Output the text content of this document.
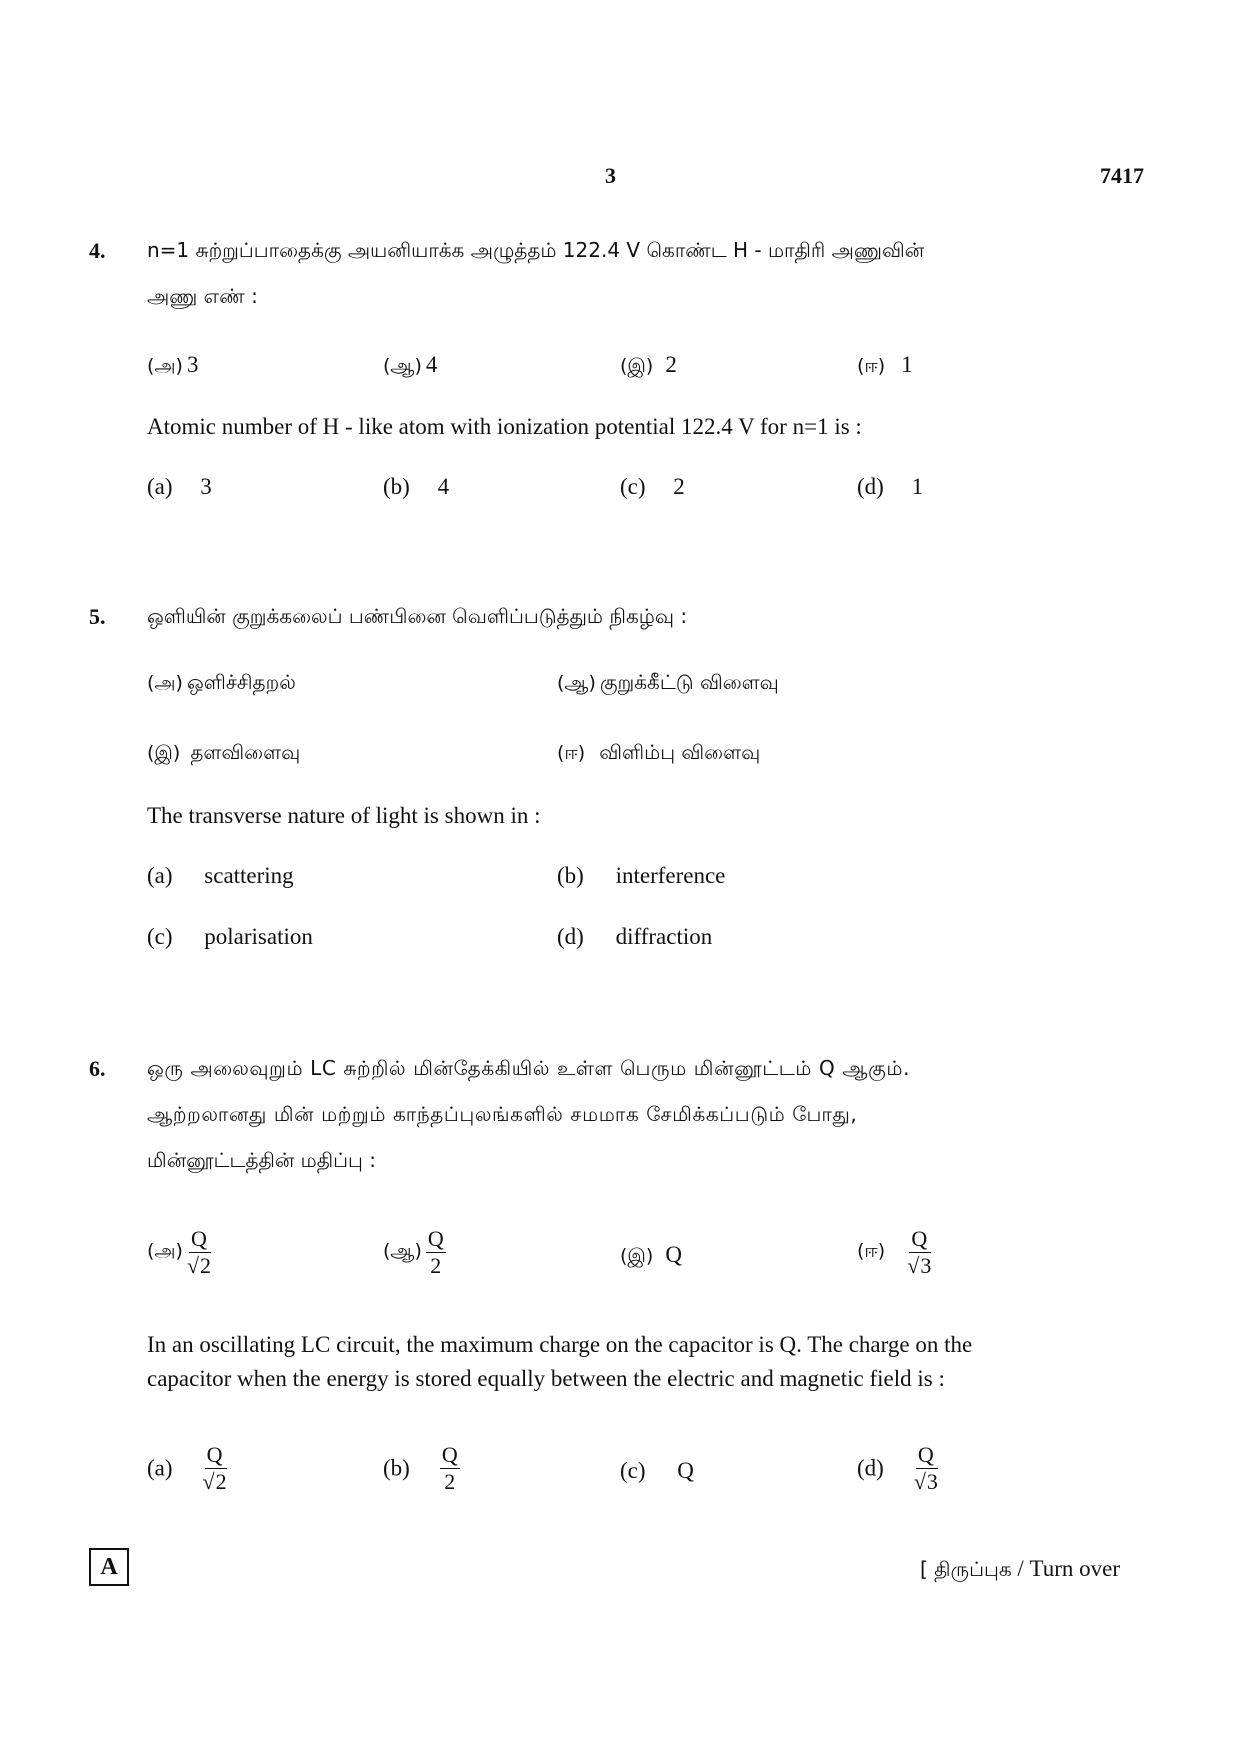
3	7417
4. n=1 சுற்றுப்பாதைக்கு அயனியாக்க அழுத்தம் 122.4 V கொண்ட H - மாதிரி அணுவின்
அணு எண் :
(அ) 3	(ஆ) 4	(இ) 2	(ஈ) 1
Atomic number of H - like atom with ionization potential 122.4 V for n=1 is :
(a) 3	(b) 4	(c) 2	(d) 1
5. ஒளியின் குறுக்கலைப் பண்பினை வெளிப்படுத்தும் நிகழ்வு :
(அ) ஒளிச்சிதறல்	(ஆ) குறுக்கீட்டு விளைவு
(இ) தளவிளைவு	(ஈ) விளிம்பு விளைவு
The transverse nature of light is shown in :
(a) scattering	(b) interference
(c) polarisation	(d) diffraction
6. ஒரு அலைவுறும் LC சுற்றில் மின்தேக்கியில் உள்ள பெரும மின்னூட்டம் Q ஆகும்.
ஆற்றலானது மின் மற்றும் காந்தப்புலங்களில் சமமாக சேமிக்கப்படும் போது,
மின்னூட்டத்தின் மதிப்பு :
(அ) $\frac{Q}{√2}$	(ஆ) $\frac{Q}{2}$	(இ) Q	(ஈ) $\frac{Q}{√3}$
In an oscillating LC circuit, the maximum charge on the capacitor is Q. The charge on the
capacitor when the energy is stored equally between the electric and magnetic field is :
$(a) \frac{Q}{√2}$	$(b) \frac{Q}{2}$	(c) Q	$(d) \frac{Q}{√3}$
A	[ திருப்புக / Turn over
